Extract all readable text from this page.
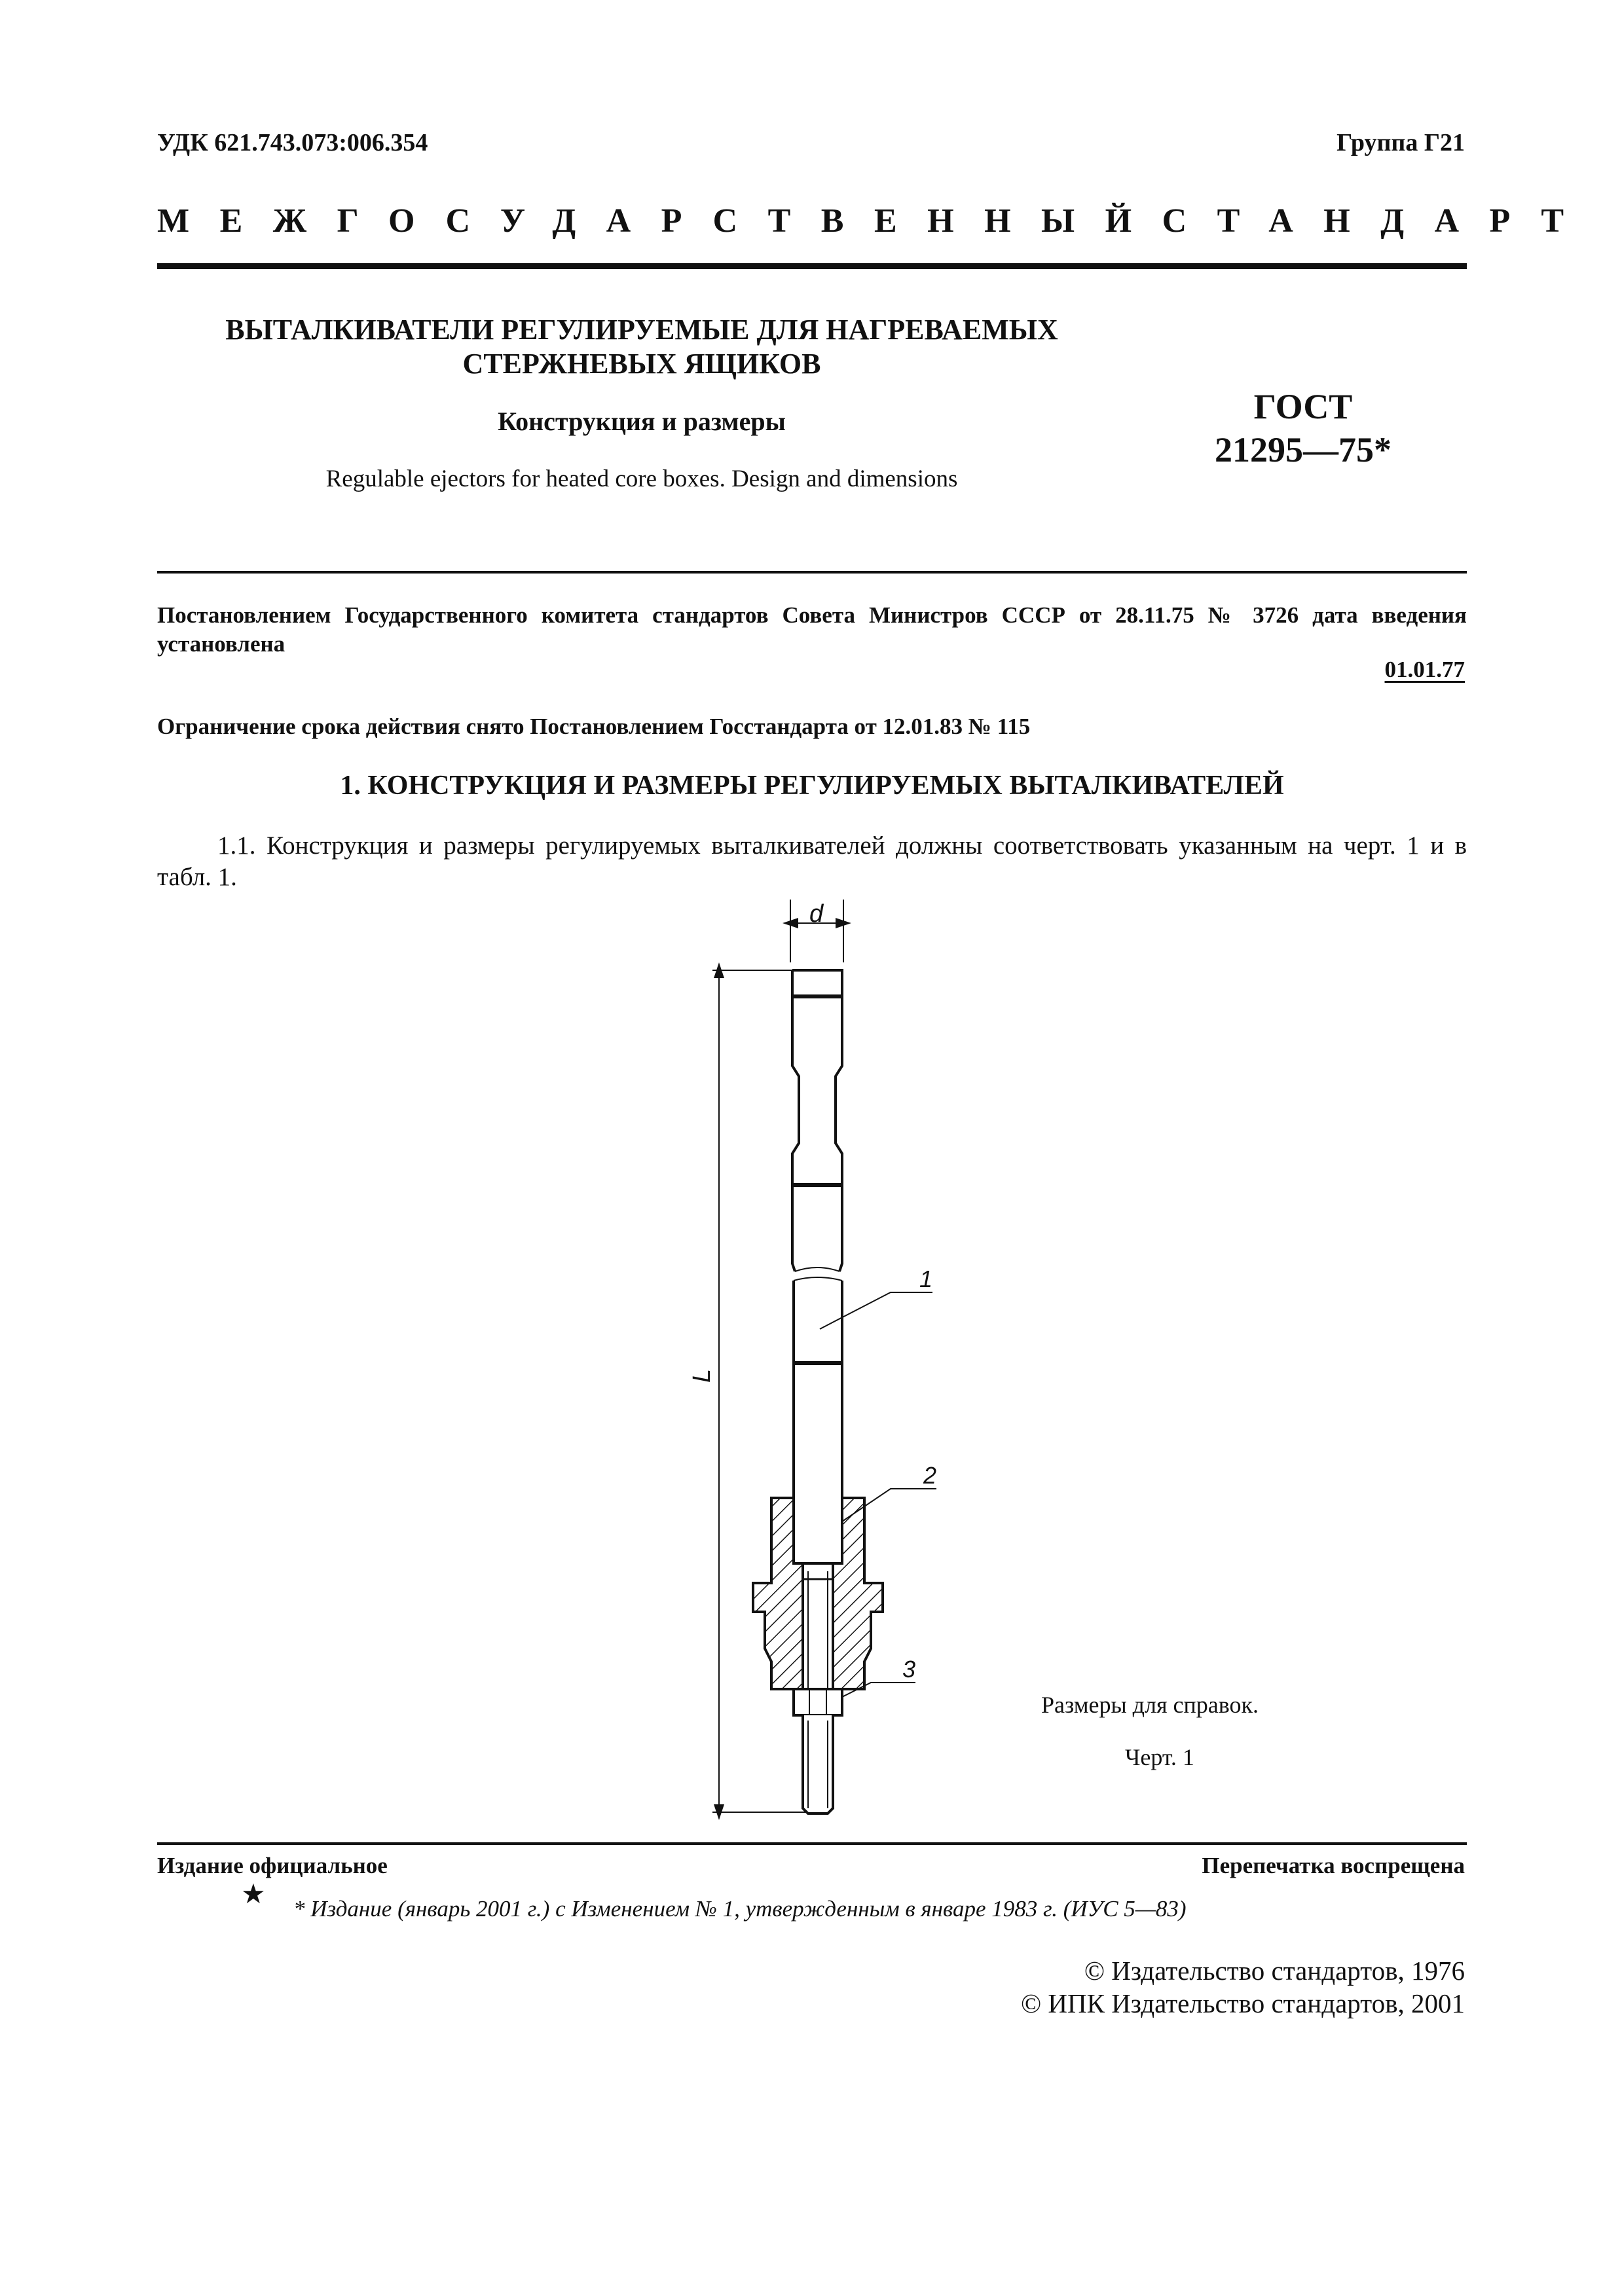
УДК 621.743.073:006.354	Группа Г21
МЕЖГОСУДАРСТВЕННЫЙ СТАНДАРТ
ВЫТАЛКИВАТЕЛИ РЕГУЛИРУЕМЫЕ ДЛЯ НАГРЕВАЕМЫХ
СТЕРЖНЕВЫХ ЯЩИКОВ
Конструкция и размеры
Regulable ejectors for heated core boxes. Design and dimensions
ГОСТ
21295—75*
Постановлением Государственного комитета стандартов Совета Министров СССР от 28.11.75 № 3726 дата введения установлена
01.01.77
Ограничение срока действия снято Постановлением Госстандарта от 12.01.83 № 115
1. КОНСТРУКЦИЯ И РАЗМЕРЫ РЕГУЛИРУЕМЫХ ВЫТАЛКИВАТЕЛЕЙ
1.1. Конструкция и размеры регулируемых выталкивателей должны соответствовать указанным на черт. 1 и в табл. 1.
d
L
1
2
3
Размеры для справок.
Черт. 1
Издание официальное	Перепечатка воспрещена
★ * Издание (январь 2001 г.) с Изменением № 1, утвержденным в январе 1983 г. (ИУС 5—83)
© Издательство стандартов, 1976
© ИПК Издательство стандартов, 2001
